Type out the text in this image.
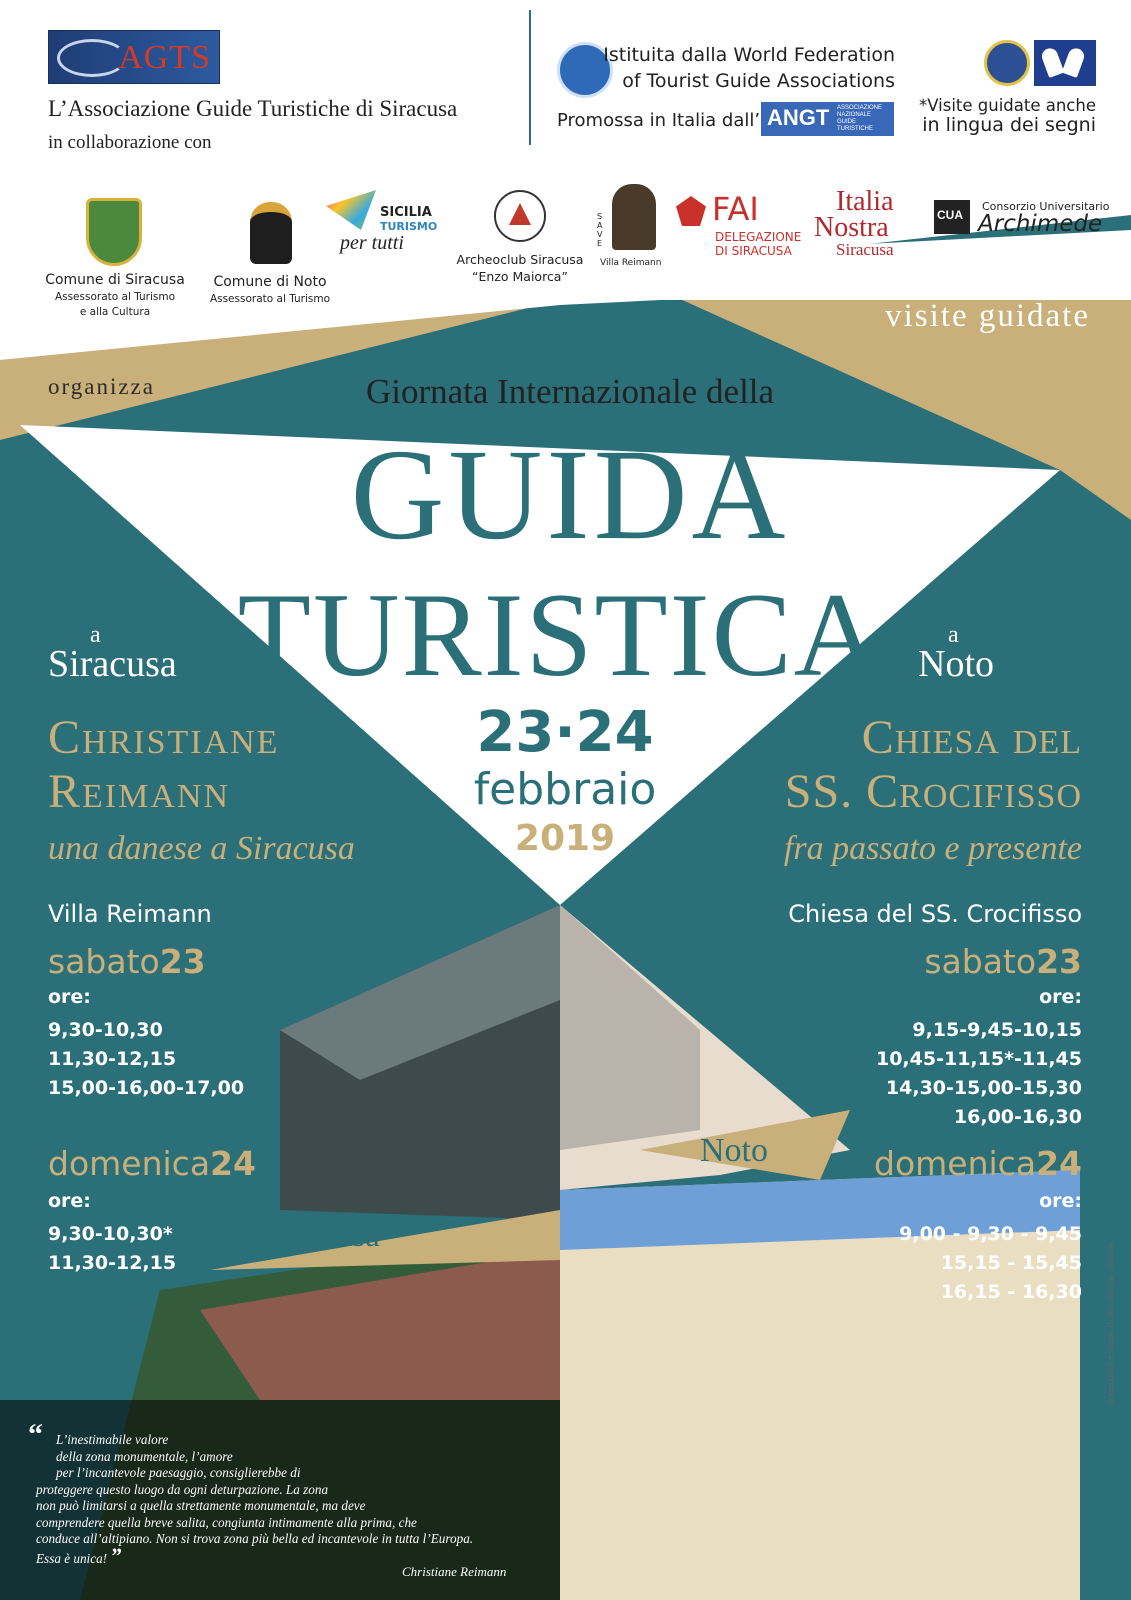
AGTS
L’Associazione Guide Turistiche di Siracusa
in collaborazione con
Istituita dalla World Federation
of Tourist Guide Associations
Promossa in Italia dall’ ANGT ASSOCIAZIONE NAZIONALE GUIDE TURISTICHE
*Visite guidate anche
in lingua dei segni
Comune di Siracusa
Assessorato al Turismo
e alla Cultura
Comune di Noto
Assessorato al Turismo
SICILIA
TURISMO
per tutti
Archeoclub Siracusa
“Enzo Maiorca”
SAVE
Villa Reimann
FAI
DELEGAZIONE
DI SIRACUSA
Italia
Nostra
Siracusa
CUA
Consorzio Universitario
Archimede
organizza
visite guidate
GRATUITE
Giornata Internazionale della
GUIDA
TURISTICA
a
Siracusa
a
Noto
23·24
febbraio
2019
Christiane
Reimann
una danese a Siracusa
Villa Reimann
sabato23
ore:
9,30-10,30
11,30-12,15
15,00-16,00-17,00
domenica24
ore:
9,30-10,30*
11,30-12,15
Siracusa
Chiesa del
SS. Crocifisso
fra passato e presente
Chiesa del SS. Crocifisso
sabato23
ore:
9,15-9,45-10,15
10,45-11,15*-11,45
14,30-15,00-15,30
16,00-16,30
domenica24
ore:
9,00 - 9,30 - 9,45
15,15 - 15,45
16,15 - 16,30
Noto
“ L’inestimabile valore
della zona monumentale, l’amore
per l’incantevole paesaggio, consiglierebbe di
proteggere questo luogo da ogni deturpazione. La zona
non può limitarsi a quella strettamente monumentale, ma deve
comprendere quella breve salita, congiunta intimamente alla prima, che
conduce all’altipiano. Non si trova zona più bella ed incantevole in tutta l’Europa.
Essa è unica! ”
Christiane Reimann
progettazione e stampa: Grafica Saturnia - Siracusa
